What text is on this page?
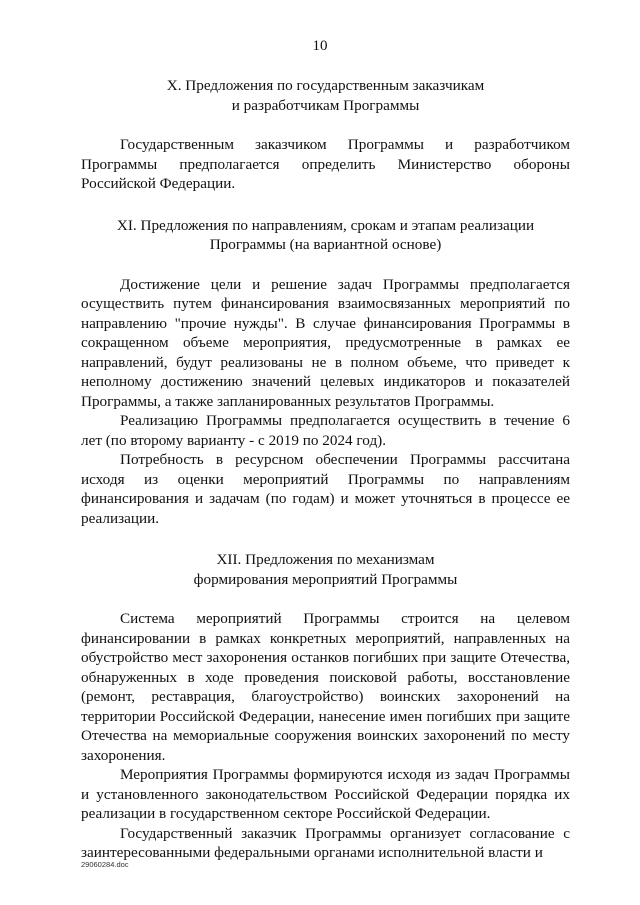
10
X. Предложения по государственным заказчикам
и разработчикам Программы

Государственным заказчиком Программы и разработчиком Программы предполагается определить Министерство обороны Российской Федерации.

XI. Предложения по направлениям, срокам и этапам реализации
Программы (на вариантной основе)

Достижение цели и решение задач Программы предполагается осуществить путем финансирования взаимосвязанных мероприятий по направлению "прочие нужды". В случае финансирования Программы в сокращенном объеме мероприятия, предусмотренные в рамках ее направлений, будут реализованы не в полном объеме, что приведет к неполному достижению значений целевых индикаторов и показателей Программы, а также запланированных результатов Программы.

Реализацию Программы предполагается осуществить в течение 6 лет (по второму варианту - с 2019 по 2024 год).

Потребность в ресурсном обеспечении Программы рассчитана исходя из оценки мероприятий Программы по направлениям финансирования и задачам (по годам) и может уточняться в процессе ее реализации.

XII. Предложения по механизмам
формирования мероприятий Программы

Система мероприятий Программы строится на целевом финансировании в рамках конкретных мероприятий, направленных на обустройство мест захоронения останков погибших при защите Отечества, обнаруженных в ходе проведения поисковой работы, восстановление (ремонт, реставрация, благоустройство) воинских захоронений на территории Российской Федерации, нанесение имен погибших при защите Отечества на мемориальные сооружения воинских захоронений по месту захоронения.

Мероприятия Программы формируются исходя из задач Программы и установленного законодательством Российской Федерации порядка их реализации в государственном секторе Российской Федерации.

Государственный заказчик Программы организует согласование с заинтересованными федеральными органами исполнительной власти и

29060284.doc
